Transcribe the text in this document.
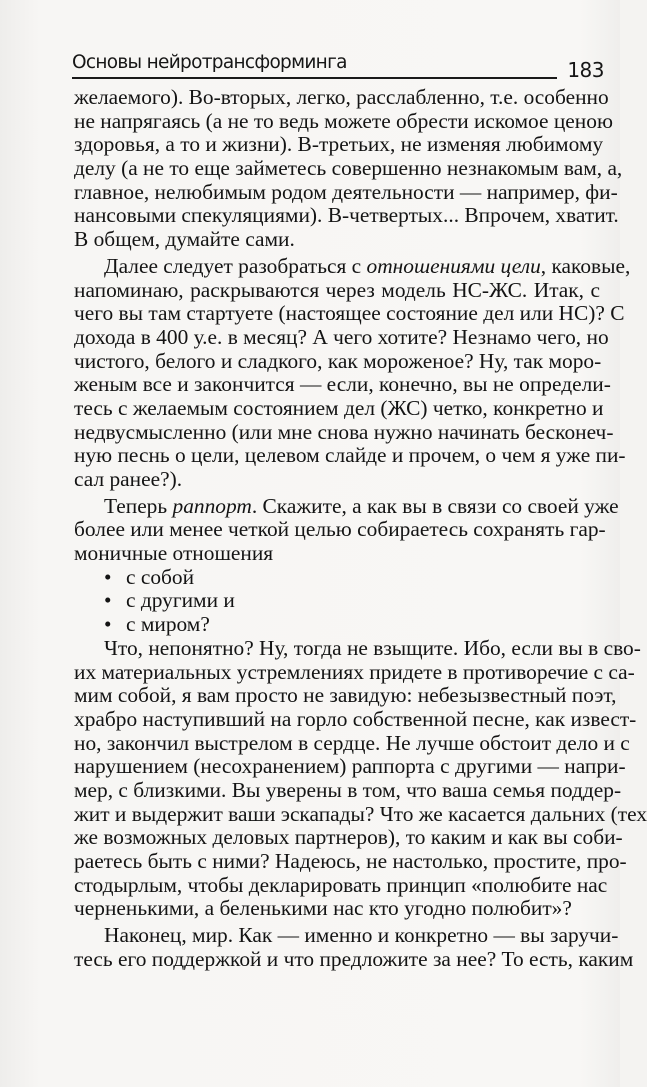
Основы нейротрансформинга	183
желаемого). Во-вторых, легко, расслабленно, т.е. особенно
не напрягаясь (а не то ведь можете обрести искомое ценою
здоровья, а то и жизни). В-третьих, не изменяя любимому
делу (а не то еще займетесь совершенно незнакомым вам, а,
главное, нелюбимым родом деятельности — например, фи-
нансовыми спекуляциями). В-четвертых... Впрочем, хватит.
В общем, думайте сами.
Далее следует разобраться с отношениями цели, каковые,
напоминаю, раскрываются через модель НС-ЖС. Итак, с
чего вы там стартуете (настоящее состояние дел или НС)? С
дохода в 400 у.е. в месяц? А чего хотите? Незнамо чего, но
чистого, белого и сладкого, как мороженое? Ну, так моро-
женым все и закончится — если, конечно, вы не определи-
тесь с желаемым состоянием дел (ЖС) четко, конкретно и
недвусмысленно (или мне снова нужно начинать бесконеч-
ную песнь о цели, целевом слайде и прочем, о чем я уже пи-
сал ранее?).
Теперь раппорт. Скажите, а как вы в связи со своей уже
более или менее четкой целью собираетесь сохранять гар-
моничные отношения
• с собой
• с другими и
• с миром?
Что, непонятно? Ну, тогда не взыщите. Ибо, если вы в сво-
их материальных устремлениях придете в противоречие с са-
мим собой, я вам просто не завидую: небезызвестный поэт,
храбро наступивший на горло собственной песне, как извест-
но, закончил выстрелом в сердце. Не лучше обстоит дело и с
нарушением (несохранением) раппорта с другими — напри-
мер, с близкими. Вы уверены в том, что ваша семья поддер-
жит и выдержит ваши эскапады? Что же касается дальних (тех
же возможных деловых партнеров), то каким и как вы соби-
раетесь быть с ними? Надеюсь, не настолько, простите, про-
стодырлым, чтобы декларировать принцип «полюбите нас
черненькими, а беленькими нас кто угодно полюбит»?
Наконец, мир. Как — именно и конкретно — вы заручи-
тесь его поддержкой и что предложите за нее? То есть, каким
